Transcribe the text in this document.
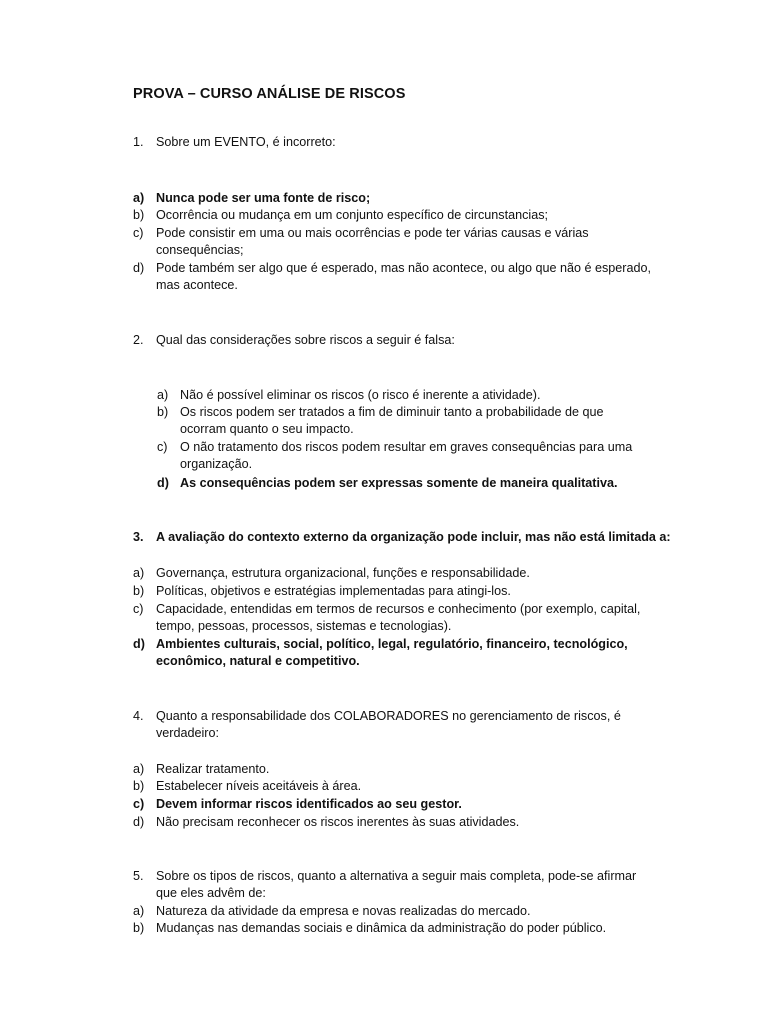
PROVA – CURSO ANÁLISE DE RISCOS
1. Sobre um EVENTO, é incorreto:
a) Nunca pode ser uma fonte de risco;
b) Ocorrência ou mudança em um conjunto específico de circunstancias;
c) Pode consistir em uma ou mais ocorrências e pode ter várias causas e várias
consequências;
d) Pode também ser algo que é esperado, mas não acontece, ou algo que não é esperado,
mas acontece.
2. Qual das considerações sobre riscos a seguir é falsa:
a) Não é possível eliminar os riscos (o risco é inerente a atividade).
b) Os riscos podem ser tratados a fim de diminuir tanto a probabilidade de que
ocorram quanto o seu impacto.
c) O não tratamento dos riscos podem resultar em graves consequências para uma
organização.
d) As consequências podem ser expressas somente de maneira qualitativa.
3. A avaliação do contexto externo da organização pode incluir, mas não está limitada a:
a) Governança, estrutura organizacional, funções e responsabilidade.
b) Políticas, objetivos e estratégias implementadas para atingi-los.
c) Capacidade, entendidas em termos de recursos e conhecimento (por exemplo, capital,
tempo, pessoas, processos, sistemas e tecnologias).
d) Ambientes culturais, social, político, legal, regulatório, financeiro, tecnológico,
econômico, natural e competitivo.
4. Quanto a responsabilidade dos COLABORADORES no gerenciamento de riscos, é
verdadeiro:
a) Realizar tratamento.
b) Estabelecer níveis aceitáveis à área.
c) Devem informar riscos identificados ao seu gestor.
d) Não precisam reconhecer os riscos inerentes às suas atividades.
5. Sobre os tipos de riscos, quanto a alternativa a seguir mais completa, pode-se afirmar
que eles advêm de:
a) Natureza da atividade da empresa e novas realizadas do mercado.
b) Mudanças nas demandas sociais e dinâmica da administração do poder público.
